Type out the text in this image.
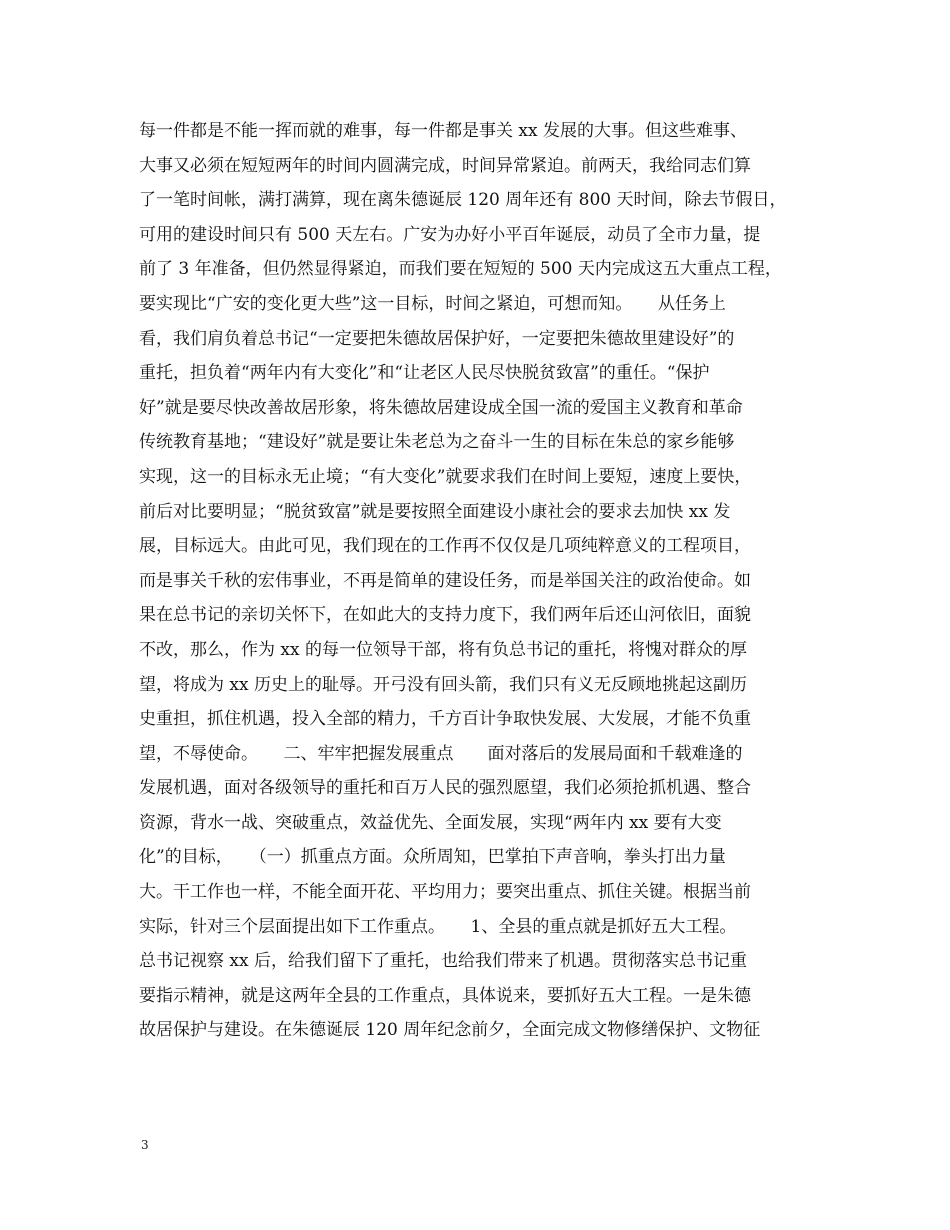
每一件都是不能一挥而就的难事，每一件都是事关 xx 发展的大事。但这些难事、
大事又必须在短短两年的时间内圆满完成，时间异常紧迫。前两天，我给同志们算
了一笔时间帐，满打满算，现在离朱德诞辰 120 周年还有 800 天时间，除去节假日，
可用的建设时间只有 500 天左右。广安为办好小平百年诞辰，动员了全市力量，提
前了 3 年准备，但仍然显得紧迫，而我们要在短短的 500 天内完成这五大重点工程，
要实现比“广安的变化更大些”这一目标，时间之紧迫，可想而知。　　从任务上
看，我们肩负着总书记“一定要把朱德故居保护好，一定要把朱德故里建设好”的
重托，担负着“两年内有大变化”和“让老区人民尽快脱贫致富”的重任。“保护
好”就是要尽快改善故居形象，将朱德故居建设成全国一流的爱国主义教育和革命
传统教育基地；“建设好”就是要让朱老总为之奋斗一生的目标在朱总的家乡能够
实现，这一的目标永无止境；“有大变化”就要求我们在时间上要短，速度上要快，
前后对比要明显；“脱贫致富”就是要按照全面建设小康社会的要求去加快 xx 发
展，目标远大。由此可见，我们现在的工作再不仅仅是几项纯粹意义的工程项目，
而是事关千秋的宏伟事业，不再是简单的建设任务，而是举国关注的政治使命。如
果在总书记的亲切关怀下，在如此大的支持力度下，我们两年后还山河依旧，面貌
不改，那么，作为 xx 的每一位领导干部，将有负总书记的重托，将愧对群众的厚
望，将成为 xx 历史上的耻辱。开弓没有回头箭，我们只有义无反顾地挑起这副历
史重担，抓住机遇，投入全部的精力，千方百计争取快发展、大发展，才能不负重
望，不辱使命。　　二、牢牢把握发展重点　　面对落后的发展局面和千载难逢的
发展机遇，面对各级领导的重托和百万人民的强烈愿望，我们必须抢抓机遇、整合
资源，背水一战、突破重点，效益优先、全面发展，实现“两年内 xx 要有大变
化”的目标，　　（一）抓重点方面。众所周知，巴掌拍下声音响，拳头打出力量
大。干工作也一样，不能全面开花、平均用力；要突出重点、抓住关键。根据当前
实际，针对三个层面提出如下工作重点。　　1、全县的重点就是抓好五大工程。
总书记视察 xx 后，给我们留下了重托，也给我们带来了机遇。贯彻落实总书记重
要指示精神，就是这两年全县的工作重点，具体说来，要抓好五大工程。一是朱德
故居保护与建设。在朱德诞辰 120 周年纪念前夕，全面完成文物修缮保护、文物征
3
